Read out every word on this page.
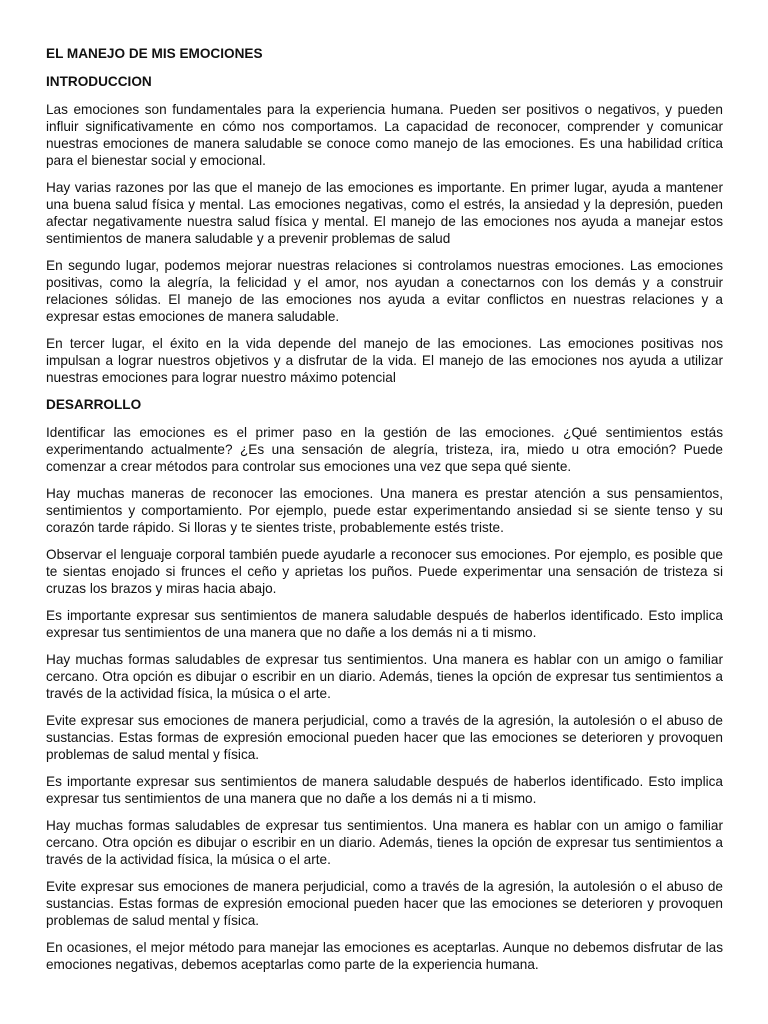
EL MANEJO DE MIS EMOCIONES
INTRODUCCION

Las emociones son fundamentales para la experiencia humana. Pueden ser positivos o negativos, y pueden influir significativamente en cómo nos comportamos. La capacidad de reconocer, comprender y comunicar nuestras emociones de manera saludable se conoce como manejo de las emociones. Es una habilidad crítica para el bienestar social y emocional.

Hay varias razones por las que el manejo de las emociones es importante. En primer lugar, ayuda a mantener una buena salud física y mental. Las emociones negativas, como el estrés, la ansiedad y la depresión, pueden afectar negativamente nuestra salud física y mental. El manejo de las emociones nos ayuda a manejar estos sentimientos de manera saludable y a prevenir problemas de salud

En segundo lugar, podemos mejorar nuestras relaciones si controlamos nuestras emociones. Las emociones positivas, como la alegría, la felicidad y el amor, nos ayudan a conectarnos con los demás y a construir relaciones sólidas. El manejo de las emociones nos ayuda a evitar conflictos en nuestras relaciones y a expresar estas emociones de manera saludable.

En tercer lugar, el éxito en la vida depende del manejo de las emociones. Las emociones positivas nos impulsan a lograr nuestros objetivos y a disfrutar de la vida. El manejo de las emociones nos ayuda a utilizar nuestras emociones para lograr nuestro máximo potencial

DESARROLLO

Identificar las emociones es el primer paso en la gestión de las emociones. ¿Qué sentimientos estás experimentando actualmente? ¿Es una sensación de alegría, tristeza, ira, miedo u otra emoción? Puede comenzar a crear métodos para controlar sus emociones una vez que sepa qué siente.

Hay muchas maneras de reconocer las emociones. Una manera es prestar atención a sus pensamientos, sentimientos y comportamiento. Por ejemplo, puede estar experimentando ansiedad si se siente tenso y su corazón tarde rápido. Si lloras y te sientes triste, probablemente estés triste.

Observar el lenguaje corporal también puede ayudarle a reconocer sus emociones. Por ejemplo, es posible que te sientas enojado si frunces el ceño y aprietas los puños. Puede experimentar una sensación de tristeza si cruzas los brazos y miras hacia abajo.

Es importante expresar sus sentimientos de manera saludable después de haberlos identificado. Esto implica expresar tus sentimientos de una manera que no dañe a los demás ni a ti mismo.

Hay muchas formas saludables de expresar tus sentimientos. Una manera es hablar con un amigo o familiar cercano. Otra opción es dibujar o escribir en un diario. Además, tienes la opción de expresar tus sentimientos a través de la actividad física, la música o el arte.

Evite expresar sus emociones de manera perjudicial, como a través de la agresión, la autolesión o el abuso de sustancias. Estas formas de expresión emocional pueden hacer que las emociones se deterioren y provoquen problemas de salud mental y física.

Es importante expresar sus sentimientos de manera saludable después de haberlos identificado. Esto implica expresar tus sentimientos de una manera que no dañe a los demás ni a ti mismo.

Hay muchas formas saludables de expresar tus sentimientos. Una manera es hablar con un amigo o familiar cercano. Otra opción es dibujar o escribir en un diario. Además, tienes la opción de expresar tus sentimientos a través de la actividad física, la música o el arte.

Evite expresar sus emociones de manera perjudicial, como a través de la agresión, la autolesión o el abuso de sustancias. Estas formas de expresión emocional pueden hacer que las emociones se deterioren y provoquen problemas de salud mental y física.

En ocasiones, el mejor método para manejar las emociones es aceptarlas. Aunque no debemos disfrutar de las emociones negativas, debemos aceptarlas como parte de la experiencia humana.
